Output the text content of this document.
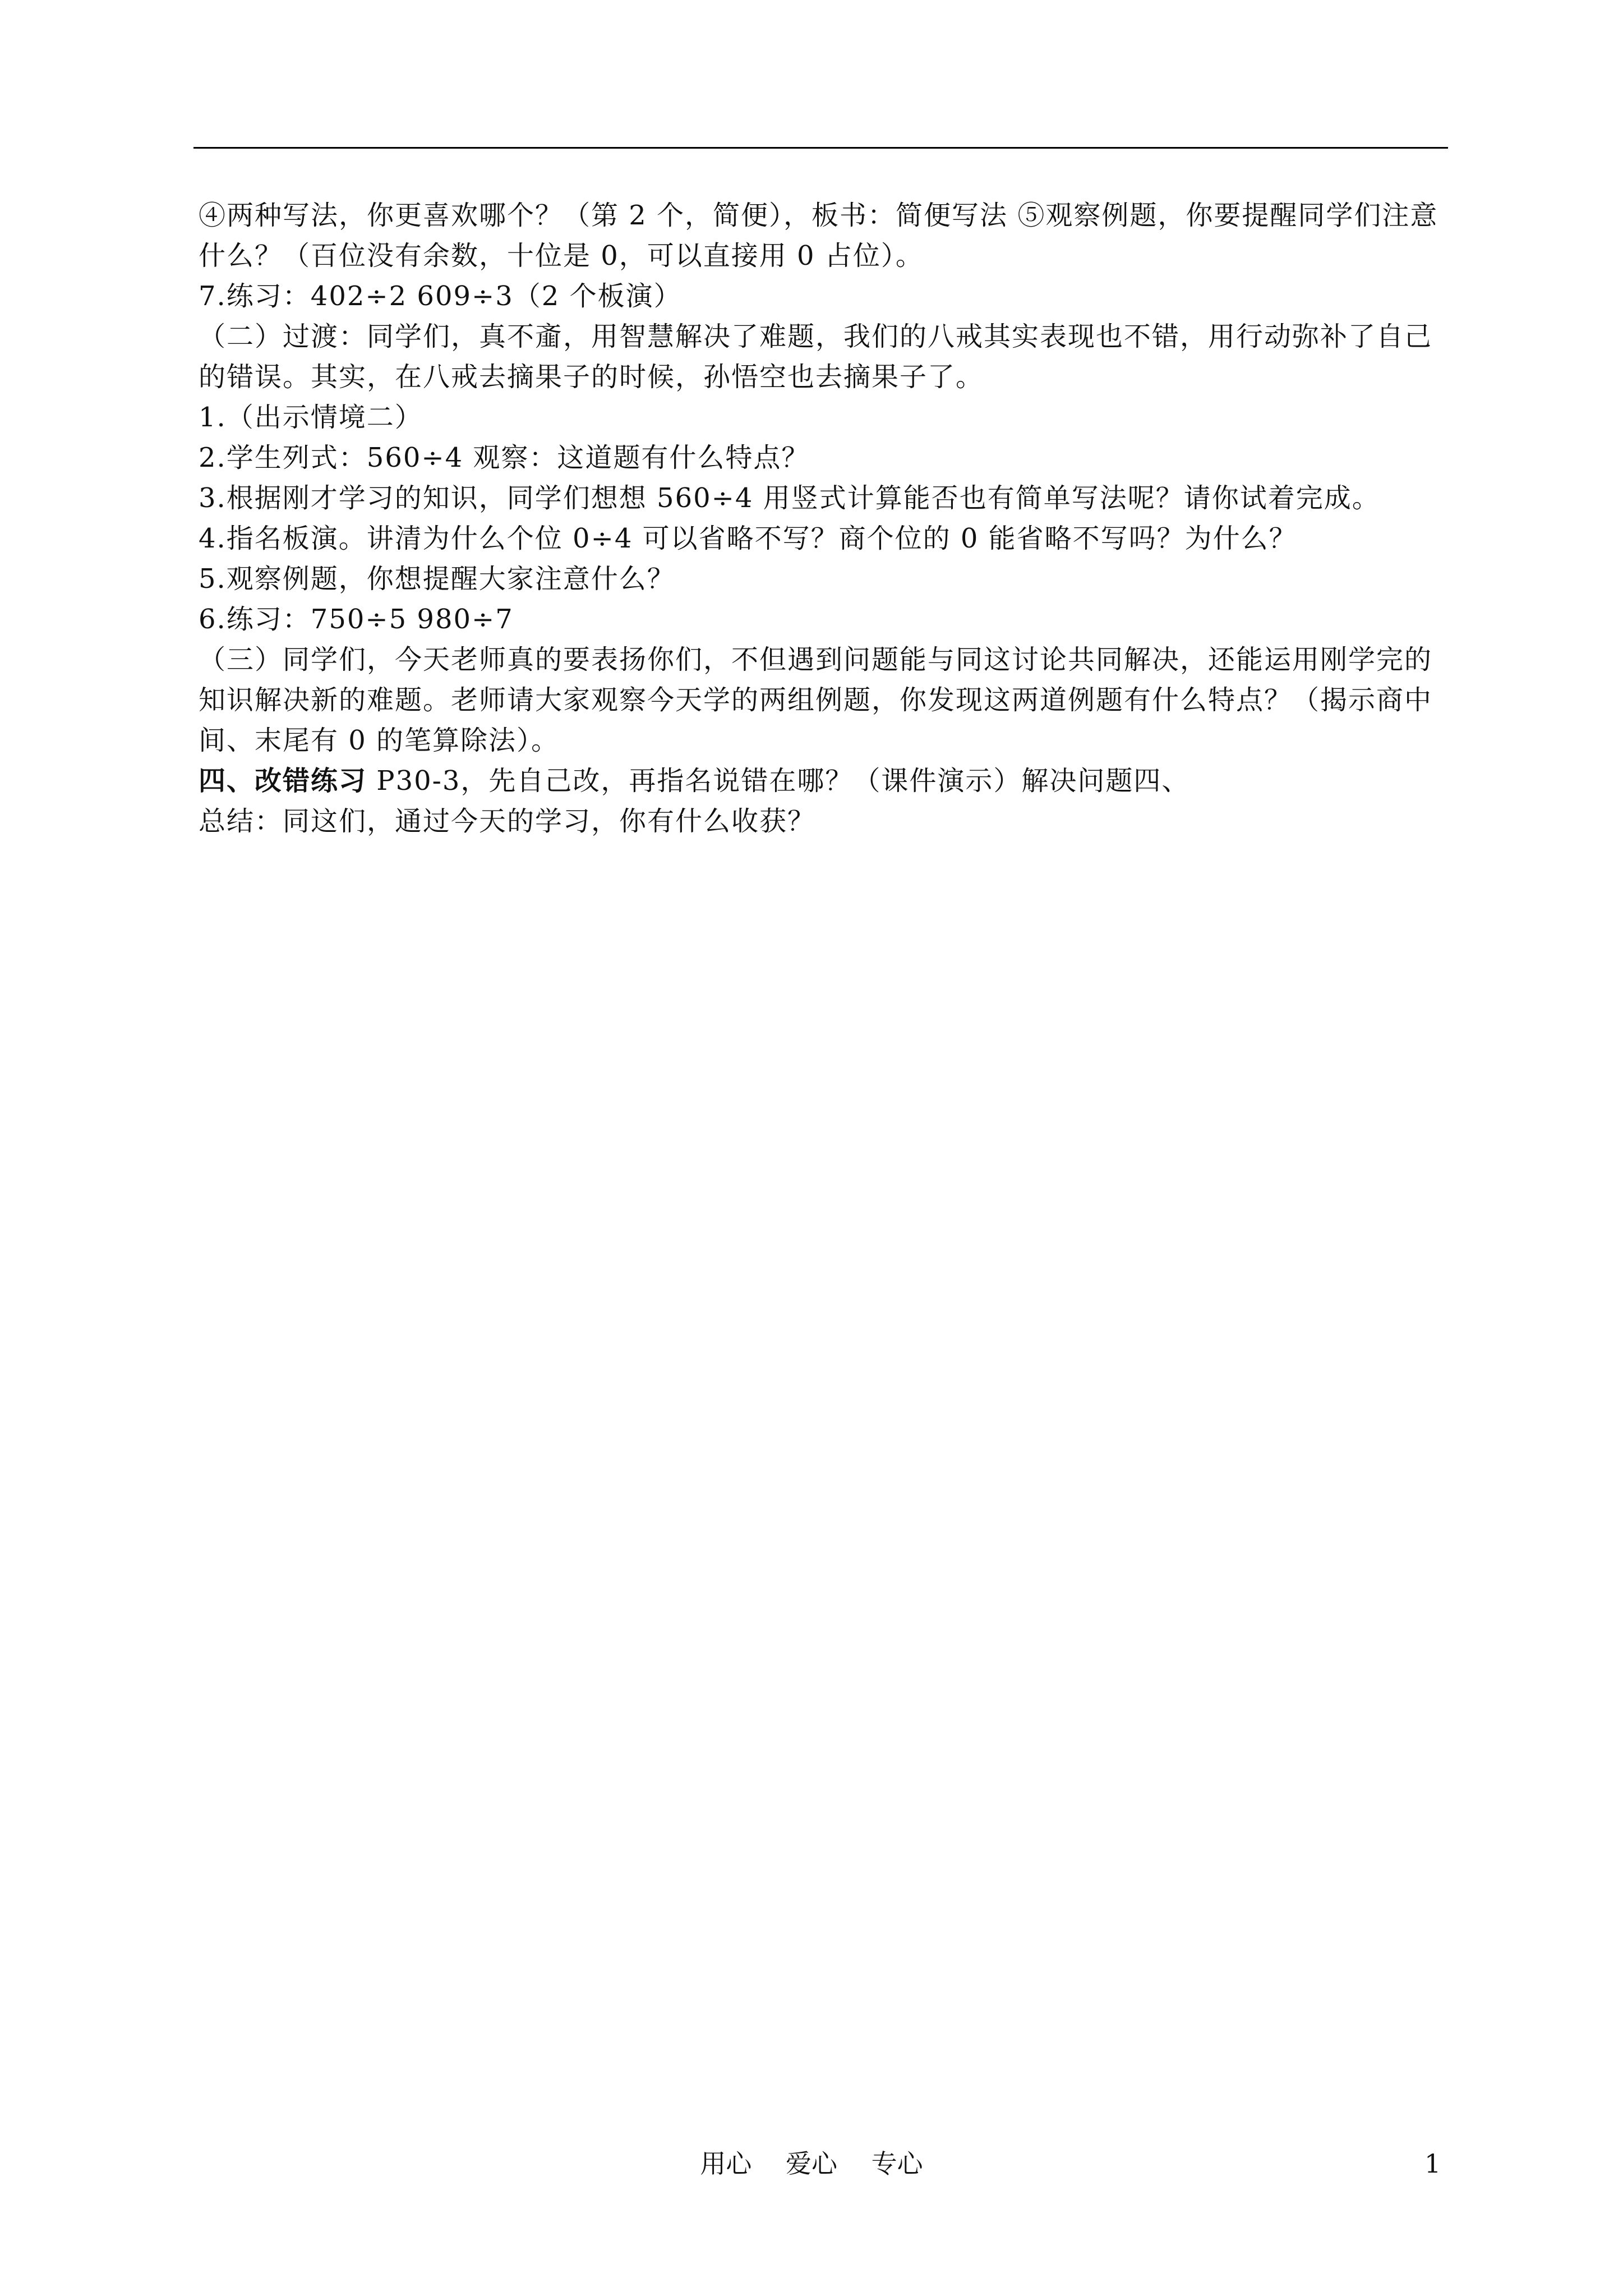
④两种写法，你更喜欢哪个？（第 2 个，简便），板书：简便写法 ⑤观察例题，你要提醒同学们注意什么？（百位没有余数，十位是 0，可以直接用 0 占位）。

7.练习：402÷2 609÷3（2 个板演）

（二）过渡：同学们，真不齑，用智慧解决了难题，我们的八戒其实表现也不错，用行动弥补了自己的错误。其实，在八戒去摘果子的时候，孙悟空也去摘果子了。

1.（出示情境二）

2.学生列式：560÷4 观察：这道题有什么特点？

3.根据刚才学习的知识，同学们想想 560÷4 用竖式计算能否也有简单写法呢？请你试着完成。

4.指名板演。讲清为什么个位 0÷4 可以省略不写？商个位的 0 能省略不写吗？为什么？

5.观察例题，你想提醒大家注意什么？

6.练习：750÷5 980÷7

（三）同学们，今天老师真的要表扬你们，不但遇到问题能与同这讨论共同解决，还能运用刚学完的知识解决新的难题。老师请大家观察今天学的两组例题，你发现这两道例题有什么特点？（揭示商中间、末尾有 0 的笔算除法）。

四、改错练习 P30-3，先自己改，再指名说错在哪？（课件演示）解决问题四、

总结：同这们，通过今天的学习，你有什么收获？

用心　 爱心　 专心	1
